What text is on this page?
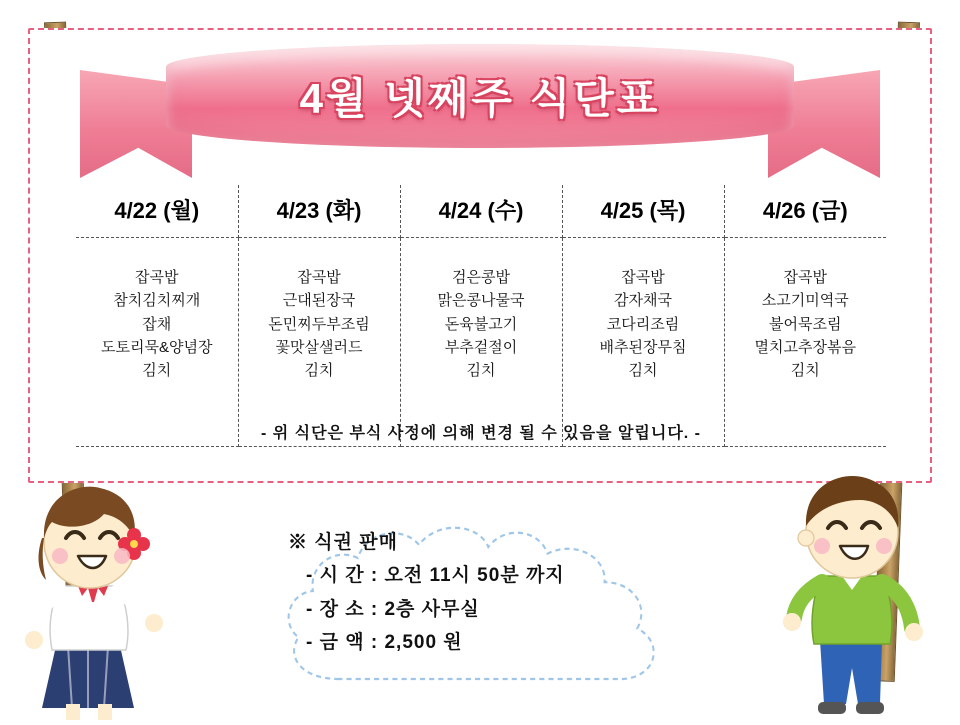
4월 넷째주 식단표
4/22 (월)	4/23 (화)	4/24 (수)	4/25 (목)	4/26 (금)

잡곡밥
참치김치찌개
잡채
도토리묵&양념장
김치

잡곡밥
근대된장국
돈민찌두부조림
꽃맛살샐러드
김치

검은콩밥
맑은콩나물국
돈육불고기
부추겉절이
김치

잡곡밥
감자채국
코다리조림
배추된장무침
김치

잡곡밥
소고기미역국
불어묵조림
멸치고추장볶음
김치
- 위 식단은 부식 사정에 의해 변경 될 수 있음을 알립니다. -
※ 식권 판매
- 시 간 : 오전 11시 50분 까지
- 장 소 : 2층 사무실
- 금 액 : 2,500 원
